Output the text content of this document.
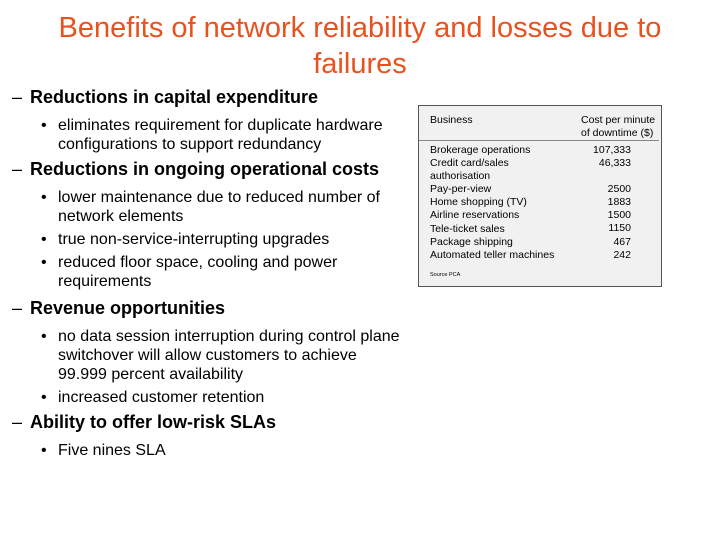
Benefits of network reliability and losses due to failures
– Reductions in capital expenditure
• eliminates requirement for duplicate hardware configurations to support redundancy
– Reductions in ongoing operational costs
• lower maintenance due to reduced number of network elements
• true non-service-interrupting upgrades
• reduced floor space, cooling and power requirements
– Revenue opportunities
• no data session interruption during control plane switchover will allow customers to achieve 99.999 percent availability
• increased customer retention
– Ability to offer low-risk SLAs
• Five nines SLA
Business	Cost per minute of downtime ($)
Brokerage operations
Credit card/sales authorisation
Pay-per-view
Home shopping (TV)
Airline reservations
Tele-ticket sales
Package shipping
Automated teller machines
107,333
46,333
2500
1883
1500
1150
467
242
Source PCA
